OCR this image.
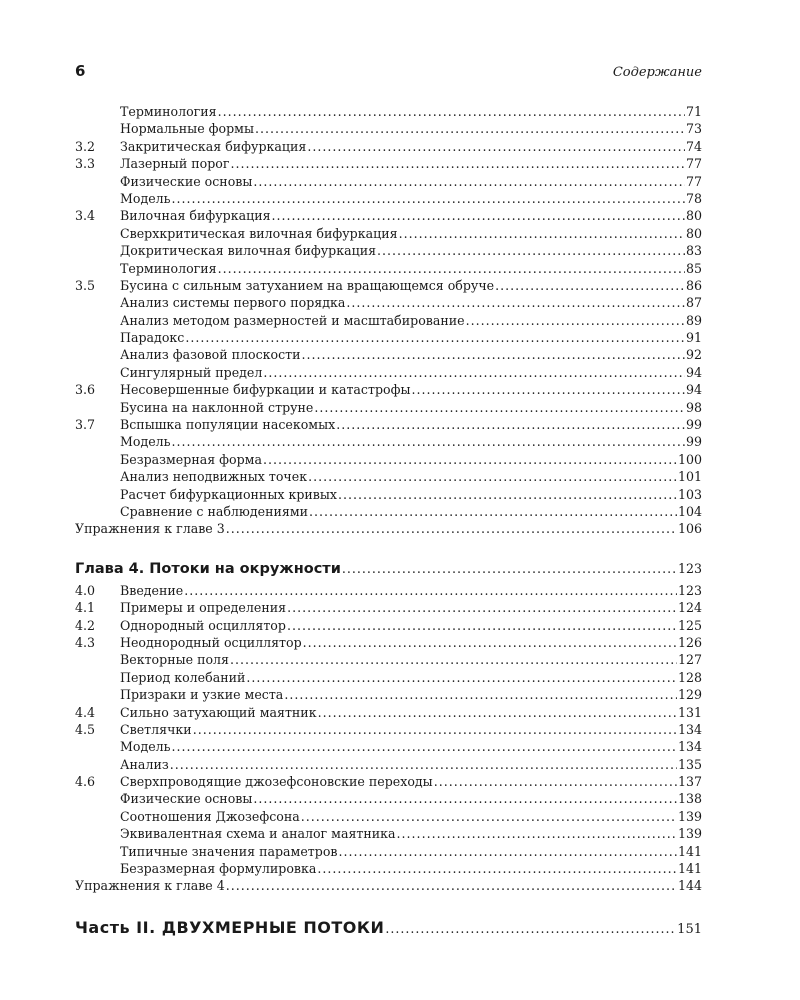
6	Содержание
Терминология .....	71
Нормальные формы .....	73
3.2	Закритическая бифуркация .....	74
3.3	Лазерный порог .....	77
Физические основы .....	77
Модель .....	78
3.4	Вилочная бифуркация .....	80
Сверхкритическая вилочная бифуркация .....	80
Докритическая вилочная бифуркация .....	83
Терминология .....	85
3.5	Бусина с сильным затуханием на вращающемся обруче .....	86
Анализ системы первого порядка .....	87
Анализ методом размерностей и масштабирование .....	89
Парадокс .....	91
Анализ фазовой плоскости .....	92
Сингулярный предел .....	94
3.6	Несовершенные бифуркации и катастрофы .....	94
Бусина на наклонной струне .....	98
3.7	Вспышка популяции насекомых .....	99
Модель .....	99
Безразмерная форма .....	100
Анализ неподвижных точек .....	101
Расчет бифуркационных кривых .....	103
Сравнение с наблюдениями .....	104
Упражнения к главе 3 .....	106
Глава 4. Потоки на окружности .....	123
4.0	Введение .....	123
4.1	Примеры и определения .....	124
4.2	Однородный осциллятор .....	125
4.3	Неоднородный осциллятор .....	126
Векторные поля .....	127
Период колебаний .....	128
Призраки и узкие места .....	129
4.4	Сильно затухающий маятник .....	131
4.5	Светлячки .....	134
Модель .....	134
Анализ .....	135
4.6	Сверхпроводящие джозефсоновские переходы .....	137
Физические основы .....	138
Соотношения Джозефсона .....	139
Эквивалентная схема и аналог маятника .....	139
Типичные значения параметров .....	141
Безразмерная формулировка .....	141
Упражнения к главе 4 .....	144
Часть II. ДВУХМЕРНЫЕ ПОТОКИ .....	151
